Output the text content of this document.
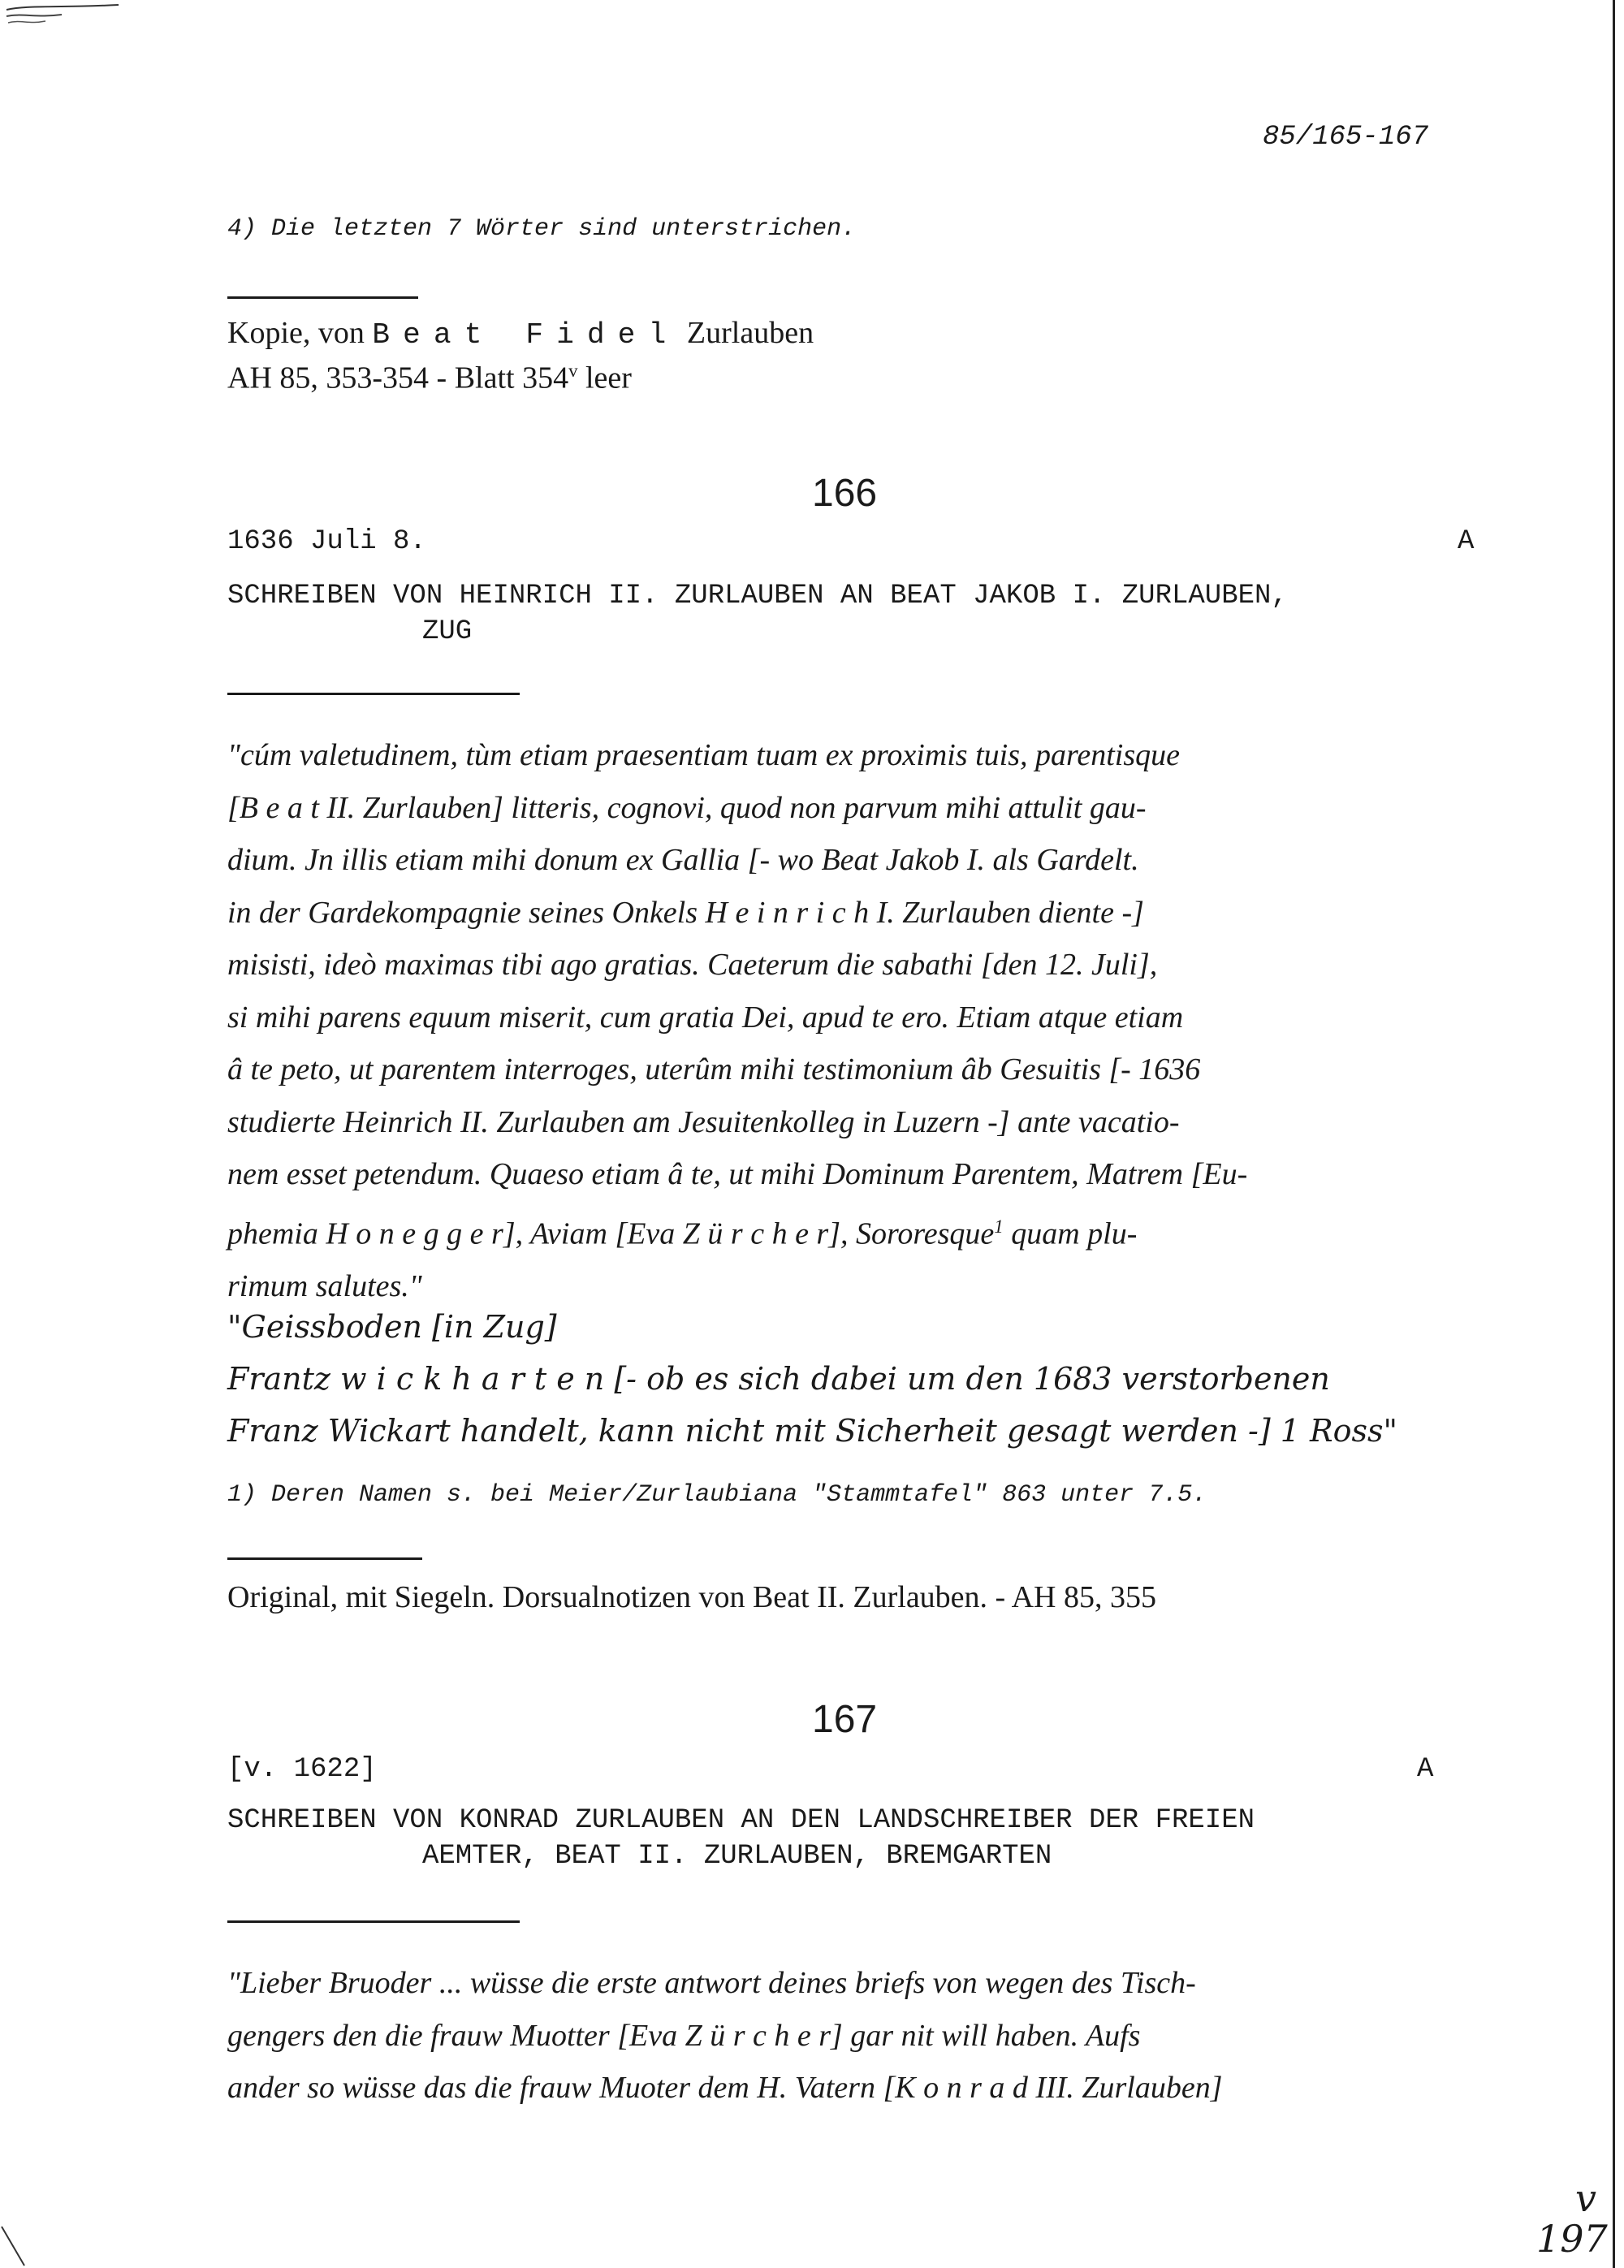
85/165-167
4) Die letzten 7 Wörter sind unterstrichen.
Kopie, von Beat Fidel Zurlauben
AH 85, 353-354 - Blatt 354$^v$ leer
166
1636 Juli 8.	A
SCHREIBEN VON HEINRICH II. ZURLAUBEN AN BEAT JAKOB I. ZURLAUBEN,
ZUG
"cúm valetudinem, tùm etiam praesentiam tuam ex proximis tuis, parentisque
[B e a t II. Zurlauben] litteris, cognovi, quod non parvum mihi attulit gau-
dium. Jn illis etiam mihi donum ex Gallia [- wo Beat Jakob I. als Gardelt.
in der Gardekompagnie seines Onkels H e i n r i c h I. Zurlauben diente -]
misisti, ideò maximas tibi ago gratias. Caeterum die sabathi [den 12. Juli],
si mihi parens equum miserit, cum gratia Dei, apud te ero. Etiam atque etiam
â te peto, ut parentem interroges, uterûm mihi testimonium âb Gesuitis [- 1636
studierte Heinrich II. Zurlauben am Jesuitenkolleg in Luzern -] ante vacatio-
nem esset petendum. Quaeso etiam â te, ut mihi Dominum Parentem, Matrem [Eu-
phemia H o n e g g e r], Aviam [Eva Z ü r c h e r], Sororesque$^1$ quam plu-
rimum salutes."
"Geissboden [in Zug]
Frantz w i c k h a r t e n [- ob es sich dabei um den 1683 verstorbenen
Franz Wickart handelt, kann nicht mit Sicherheit gesagt werden -] 1 Ross"
1) Deren Namen s. bei Meier/Zurlaubiana "Stammtafel" 863 unter 7.5.
Original, mit Siegeln. Dorsualnotizen von Beat II. Zurlauben. - AH 85, 355
167
[v. 1622]	A
SCHREIBEN VON KONRAD ZURLAUBEN AN DEN LANDSCHREIBER DER FREIEN
AEMTER, BEAT II. ZURLAUBEN, BREMGARTEN
"Lieber Bruoder ... wüsse die erste antwort deines briefs von wegen des Tisch-
gengers den die frauw Muotter [Eva Z ü r c h e r] gar nit will haben. Aufs
ander so wüsse das die frauw Muoter dem H. Vatern [K o n r a d III. Zurlauben]
v
197
